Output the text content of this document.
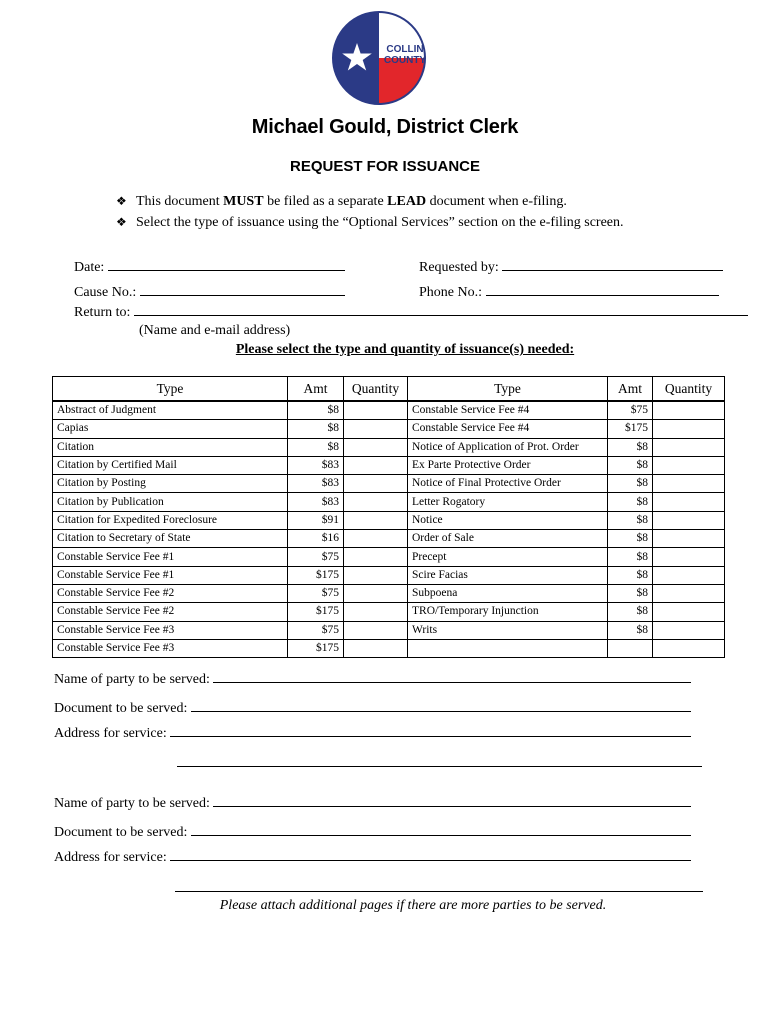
COLLIN
COUNTY
Michael Gould, District Clerk
REQUEST FOR ISSUANCE
❖ This document MUST be filed as a separate LEAD document when e-filing.
❖ Select the type of issuance using the “Optional Services” section on the e-filing screen.
Date:	Requested by:
Cause No.:	Phone No.:
Return to:
(Name and e-mail address)
Please select the type and quantity of issuance(s) needed:
Type	Amt	Quantity	Type	Amt	Quantity
Abstract of Judgment	$8		Constable Service Fee #4	$75	
Capias	$8		Constable Service Fee #4	$175	
Citation	$8		Notice of Application of Prot. Order	$8	
Citation by Certified Mail	$83		Ex Parte Protective Order	$8	
Citation by Posting	$83		Notice of Final Protective Order	$8	
Citation by Publication	$83		Letter Rogatory	$8	
Citation for Expedited Foreclosure	$91		Notice	$8	
Citation to Secretary of State	$16		Order of Sale	$8	
Constable Service Fee #1	$75		Precept	$8	
Constable Service Fee #1	$175		Scire Facias	$8	
Constable Service Fee #2	$75		Subpoena	$8	
Constable Service Fee #2	$175		TRO/Temporary Injunction	$8	
Constable Service Fee #3	$75		Writs	$8	
Constable Service Fee #3	$175				
Name of party to be served:
Document to be served:
Address for service:
Name of party to be served:
Document to be served:
Address for service:
Please attach additional pages if there are more parties to be served.
